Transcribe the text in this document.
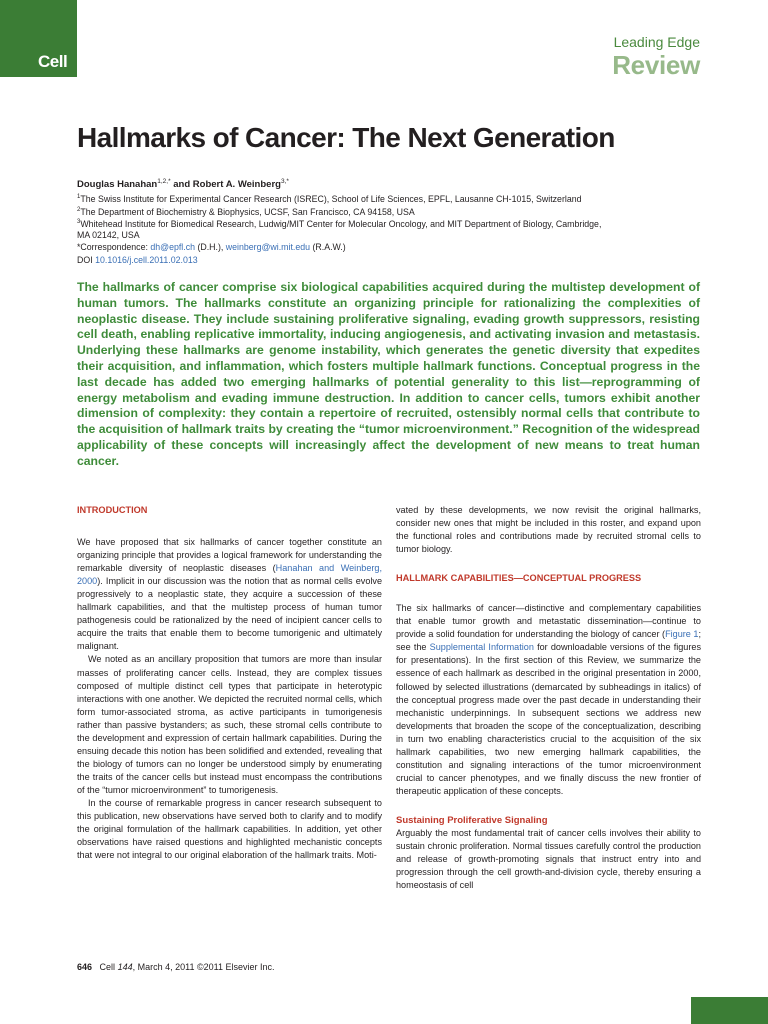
Cell
Leading Edge
Review
Hallmarks of Cancer: The Next Generation
Douglas Hanahan$^{1,2,*}$ and Robert A. Weinberg$^{3,*}$
$^1$The Swiss Institute for Experimental Cancer Research (ISREC), School of Life Sciences, EPFL, Lausanne CH-1015, Switzerland
$^2$The Department of Biochemistry & Biophysics, UCSF, San Francisco, CA 94158, USA
$^3$Whitehead Institute for Biomedical Research, Ludwig/MIT Center for Molecular Oncology, and MIT Department of Biology, Cambridge,
MA 02142, USA
*Correspondence: dh@epfl.ch (D.H.), weinberg@wi.mit.edu (R.A.W.)
DOI 10.1016/j.cell.2011.02.013
The hallmarks of cancer comprise six biological capabilities acquired during the multistep development of human tumors. The hallmarks constitute an organizing principle for rationalizing the complexities of neoplastic disease. They include sustaining proliferative signaling, evading growth suppressors, resisting cell death, enabling replicative immortality, inducing angiogenesis, and activating invasion and metastasis. Underlying these hallmarks are genome instability, which generates the genetic diversity that expedites their acquisition, and inflammation, which fosters multiple hallmark functions. Conceptual progress in the last decade has added two emerging hallmarks of potential generality to this list—reprogramming of energy metabolism and evading immune destruction. In addition to cancer cells, tumors exhibit another dimension of complexity: they contain a repertoire of recruited, ostensibly normal cells that contribute to the acquisition of hallmark traits by creating the “tumor microenvironment.” Recognition of the widespread applicability of these concepts will increasingly affect the development of new means to treat human cancer.

INTRODUCTION

We have proposed that six hallmarks of cancer together constitute an organizing principle that provides a logical framework for understanding the remarkable diversity of neoplastic diseases (Hanahan and Weinberg, 2000). Implicit in our discussion was the notion that as normal cells evolve progressively to a neoplastic state, they acquire a succession of these hallmark capabilities, and that the multistep process of human tumor pathogenesis could be rationalized by the need of incipient cancer cells to acquire the traits that enable them to become tumorigenic and ultimately malignant.

We noted as an ancillary proposition that tumors are more than insular masses of proliferating cancer cells. Instead, they are complex tissues composed of multiple distinct cell types that participate in heterotypic interactions with one another. We depicted the recruited normal cells, which form tumor-associated stroma, as active participants in tumorigenesis rather than passive bystanders; as such, these stromal cells contribute to the development and expression of certain hallmark capabilities. During the ensuing decade this notion has been solidified and extended, revealing that the biology of tumors can no longer be understood simply by enumerating the traits of the cancer cells but instead must encompass the contributions of the “tumor microenvironment” to tumorigenesis.

In the course of remarkable progress in cancer research subsequent to this publication, new observations have served both to clarify and to modify the original formulation of the hallmark capabilities. In addition, yet other observations have raised questions and highlighted mechanistic concepts that were not integral to our original elaboration of the hallmark traits. Moti-

vated by these developments, we now revisit the original hallmarks, consider new ones that might be included in this roster, and expand upon the functional roles and contributions made by recruited stromal cells to tumor biology.

HALLMARK CAPABILITIES—CONCEPTUAL PROGRESS

The six hallmarks of cancer—distinctive and complementary capabilities that enable tumor growth and metastatic dissemination—continue to provide a solid foundation for understanding the biology of cancer (Figure 1; see the Supplemental Information for downloadable versions of the figures for presentations). In the first section of this Review, we summarize the essence of each hallmark as described in the original presentation in 2000, followed by selected illustrations (demarcated by subheadings in italics) of the conceptual progress made over the past decade in understanding their mechanistic underpinnings. In subsequent sections we address new developments that broaden the scope of the conceptualization, describing in turn two enabling characteristics crucial to the acquisition of the six hallmark capabilities, two new emerging hallmark capabilities, the constitution and signaling interactions of the tumor microenvironment crucial to cancer phenotypes, and we finally discuss the new frontier of therapeutic application of these concepts.

Sustaining Proliferative Signaling

Arguably the most fundamental trait of cancer cells involves their ability to sustain chronic proliferation. Normal tissues carefully control the production and release of growth-promoting signals that instruct entry into and progression through the cell growth-and-division cycle, thereby ensuring a homeostasis of cell

646 Cell 144, March 4, 2011 ©2011 Elsevier Inc.
